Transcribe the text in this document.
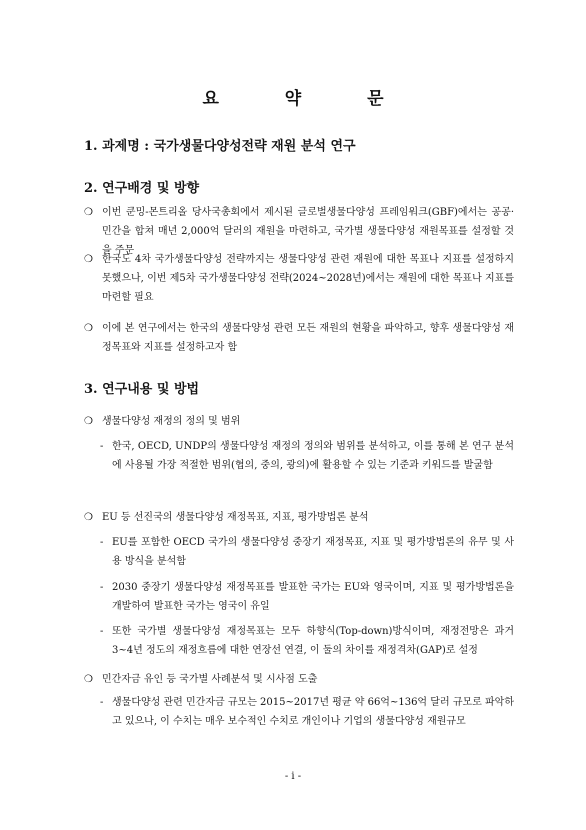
요 약 문
1. 과제명 : 국가생물다양성전략 재원 분석 연구
2. 연구배경 및 방향
❍ 이번 쿤밍-몬트리올 당사국총회에서 제시된 글로벌생물다양성 프레임워크(GBF)에서는 공공·민간을 합쳐 매년 2,000억 달러의 재원을 마련하고, 국가별 생물다양성 재원목표를 설정할 것을 주문
❍ 한국도 4차 국가생물다양성 전략까지는 생물다양성 관련 재원에 대한 목표나 지표를 설정하지 못했으나, 이번 제5차 국가생물다양성 전략(2024~2028년)에서는 재원에 대한 목표나 지표를 마련할 필요
❍ 이에 본 연구에서는 한국의 생물다양성 관련 모든 재원의 현황을 파악하고, 향후 생물다양성 재정목표와 지표를 설정하고자 함
3. 연구내용 및 방법
❍ 생물다양성 재정의 정의 및 범위
- 한국, OECD, UNDP의 생물다양성 재정의 정의와 범위를 분석하고, 이를 통해 본 연구 분석에 사용될 가장 적절한 범위(협의, 중의, 광의)에 활용할 수 있는 기준과 키워드를 발굴함
❍ EU 등 선진국의 생물다양성 재정목표, 지표, 평가방법론 분석
- EU를 포함한 OECD 국가의 생물다양성 중장기 재정목표, 지표 및 평가방법론의 유무 및 사용 방식을 분석함
- 2030 중장기 생물다양성 재정목표를 발표한 국가는 EU와 영국이며, 지표 및 평가방법론을 개발하여 발표한 국가는 영국이 유일
- 또한 국가별 생물다양성 재정목표는 모두 하향식(Top-down)방식이며, 재정전망은 과거 3~4년 정도의 재정흐름에 대한 연장선 연결, 이 둘의 차이를 재정격차(GAP)로 설정
❍ 민간자금 유인 등 국가별 사례분석 및 시사점 도출
- 생물다양성 관련 민간자금 규모는 2015~2017년 평균 약 66억~136억 달러 규모로 파악하고 있으나, 이 수치는 매우 보수적인 수치로 개인이나 기업의 생물다양성 재원규모
- i -
